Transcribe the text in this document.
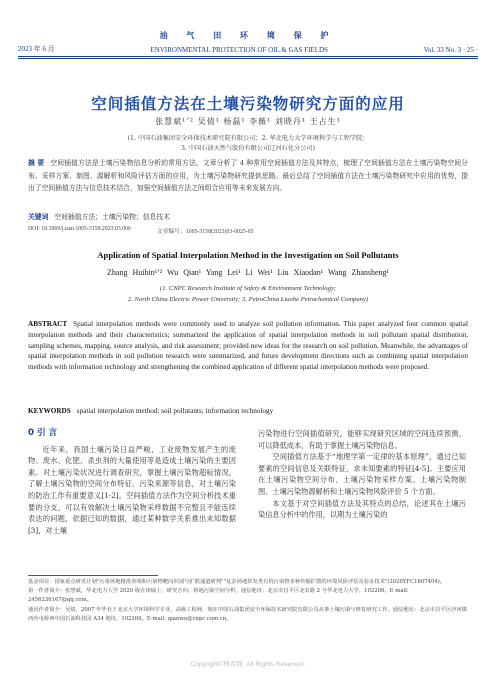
油 气 田 环 境 保 护
2023 年 6 月	ENVIRONMENTAL PROTECTION OF OIL & GAS FIELDS	Vol. 33 No. 3 · 25 ·
空间插值方法在土壤污染物研究方面的应用
张慧斌¹ʼ² 吴倩¹ 杨磊¹ 李薇¹ 刘晓丹¹ 王占生¹
(1. 中国石油集团安全环保技术研究院有限公司；2. 华北电力大学环境科学与工程学院；
3. 中国石油天然气股份有限公司辽河石化分公司)
摘 要 空间插值方法是土壤污染物信息分析的常用方法，文章分析了 4 种常用空间插值方法及其特点，梳理了空间插值方法在土壤污染物空间分布、采样方案、制图、源解析和风险评估方面的应用，为土壤污染物研究提供思路。最后总结了空间插值方法在土壤污染物研究中应用的优势，提出了空间插值方法与信息技术结合，加强空间插值方法之间组合应用等未来发展方向。
关键词 空间插值方法；土壤污染物；信息技术
DOI: 10.3969/j.issn.1005-3158.2023.03.006	文章编号：1005-3158(2023)03-0025-05
Application of Spatial Interpolation Method in the Investigation on Soil Pollutants
Zhang Huibin¹ʼ² Wu Qian¹ Yang Lei¹ Li Wei¹ Liu Xiaodan¹ Wang Zhansheng¹
(1. CNPC Research Institute of Safety & Environment Technology;
2. North China Electric Power University; 3. PetroChina Liaohe Petrochemical Company)
ABSTRACT Spatial interpolation methods were commonly used to analyze soil pollution information. This paper analyzed four common spatial interpolation methods and their characteristics; summarized the application of spatial interpolation methods in soil pollutant spatial distribution, sampling schemes, mapping, source analysis, and risk assessment; provided new ideas for the research on soil pollution. Meanwhile, the advantages of spatial interpolation methods in soil pollution research were summarized, and future development directions such as combining spatial interpolation methods with information technology and strengthening the combined application of different spatial interpolation methods were proposed.
KEYWORDS spatial interpolation method; soil pollutants; information technology
0 引 言

近年来，我国土壤污染日益严峻，工业废物发展产生的废物、废水、化肥、杀虫剂的大量使用等是造成土壤污染的主要因素。对土壤污染状况进行调查研究，掌握土壤污染物超标情况，了解土壤污染物的空间分布特征、污染来源等信息，对土壤污染的防治工作有重要意义[1-2]。空间插值方法作为空间分析技术重要的分支，可以有效解决土壤污染物采样数据不完整且不能连续表达的问题，依据已知的数据，通过某种数学关系推出未知数据[3]，对土壤

污染物进行空间插值研究，能够实现研究区域的空间连续预测，可以降低成本，有助于掌握土壤污染物信息。

空间插值方法基于“地理学第一定律的基本原理”，通过已知要素的空间信息及关联特征，求未知要素的特征[4-5]。主要应用在土壤污染物空间分布、土壤污染物采样方案、土壤污染物制图、土壤污染物源解析和土壤污染物风险评价 5 个方面。

本文基于对空间插值方法及其特点的总结，论述其在土壤污染信息分析中的作用，以期为土壤污染的

基金项目：国家重点研发计划"污染场地精准查明和污染物靶向识别与扩散通道研判""复杂场地挥发类有机污染物多种传输扩散的环境风险评估及验证技术"(2020YFC1807404)。
第一作者简介：张慧斌，华北电力大学 2020 级在读硕士，研究方向：场地污染空间分析。通信地址：北京市昌平区北农路 2 号华北电力大学，102206。E-mail: 2456236167@qq.com。
通讯作者简介：吴倩，2007 年毕业于北京大学环境科学专业，高级工程师，现在中国石油集团安全环保技术研究院有限公司从事土壤污染与修复研究工作。通信地址：北京市昌平区沙河镇西沙屯桥西中国石油科技园 A34 地块，102206。E-mail: qianwu@cnpc.com.cn。
Copyright©博看网. All Rights Reserved.
